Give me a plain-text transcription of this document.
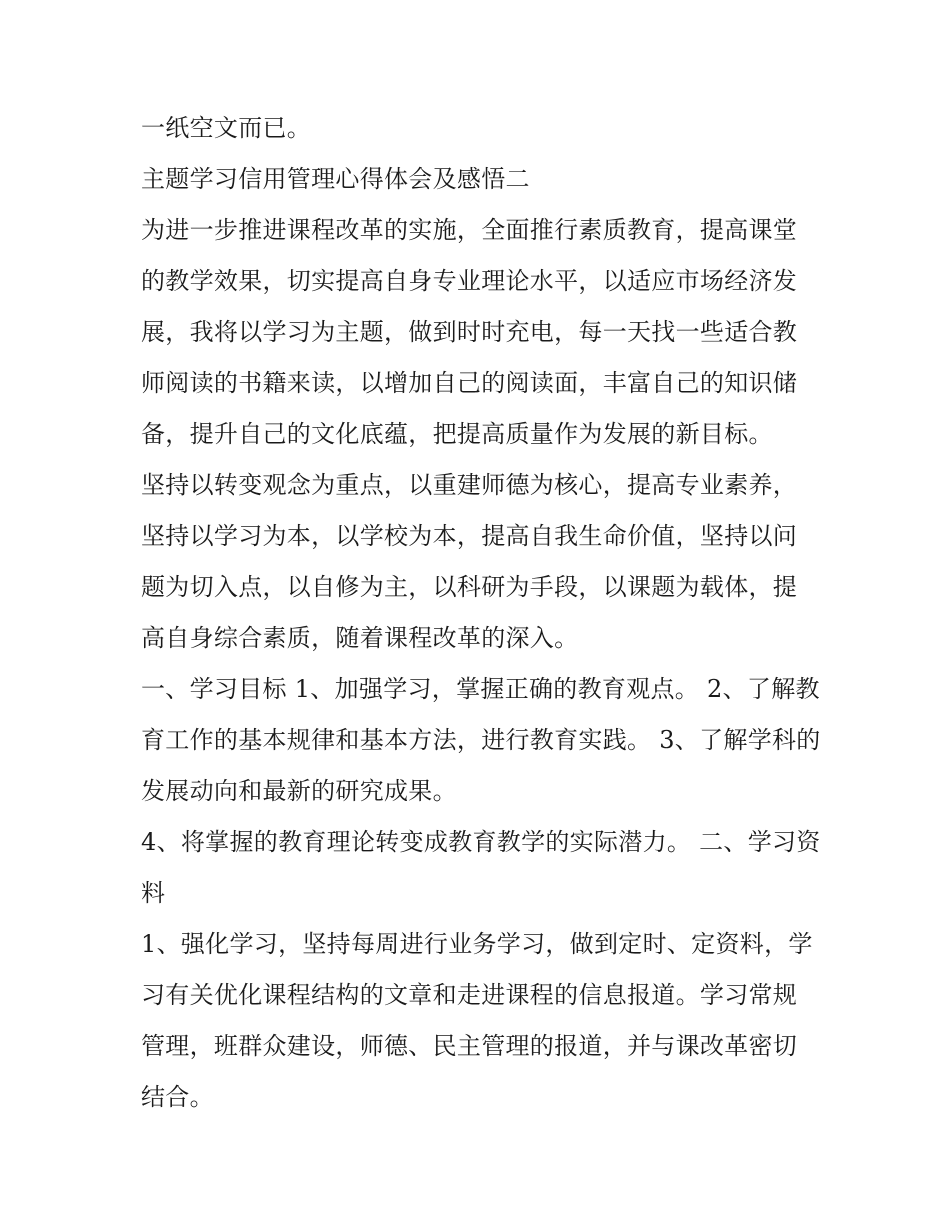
一纸空文而已。

主题学习信用管理心得体会及感悟二

为进一步推进课程改革的实施，全面推行素质教育，提高课堂的教学效果，切实提高自身专业理论水平，以适应市场经济发展，我将以学习为主题，做到时时充电，每一天找一些适合教师阅读的书籍来读，以增加自己的阅读面，丰富自己的知识储备，提升自己的文化底蕴，把提高质量作为发展的新目标。

坚持以转变观念为重点，以重建师德为核心，提高专业素养，坚持以学习为本，以学校为本，提高自我生命价值，坚持以问题为切入点，以自修为主，以科研为手段，以课题为载体，提高自身综合素质，随着课程改革的深入。

一、学习目标 1、加强学习，掌握正确的教育观点。 2、了解教育工作的基本规律和基本方法，进行教育实践。 3、了解学科的发展动向和最新的研究成果。

4、将掌握的教育理论转变成教育教学的实际潜力。 二、学习资料

1、强化学习，坚持每周进行业务学习，做到定时、定资料，学习有关优化课程结构的文章和走进课程的信息报道。学习常规管理，班群众建设，师德、民主管理的报道，并与课改革密切结合。
